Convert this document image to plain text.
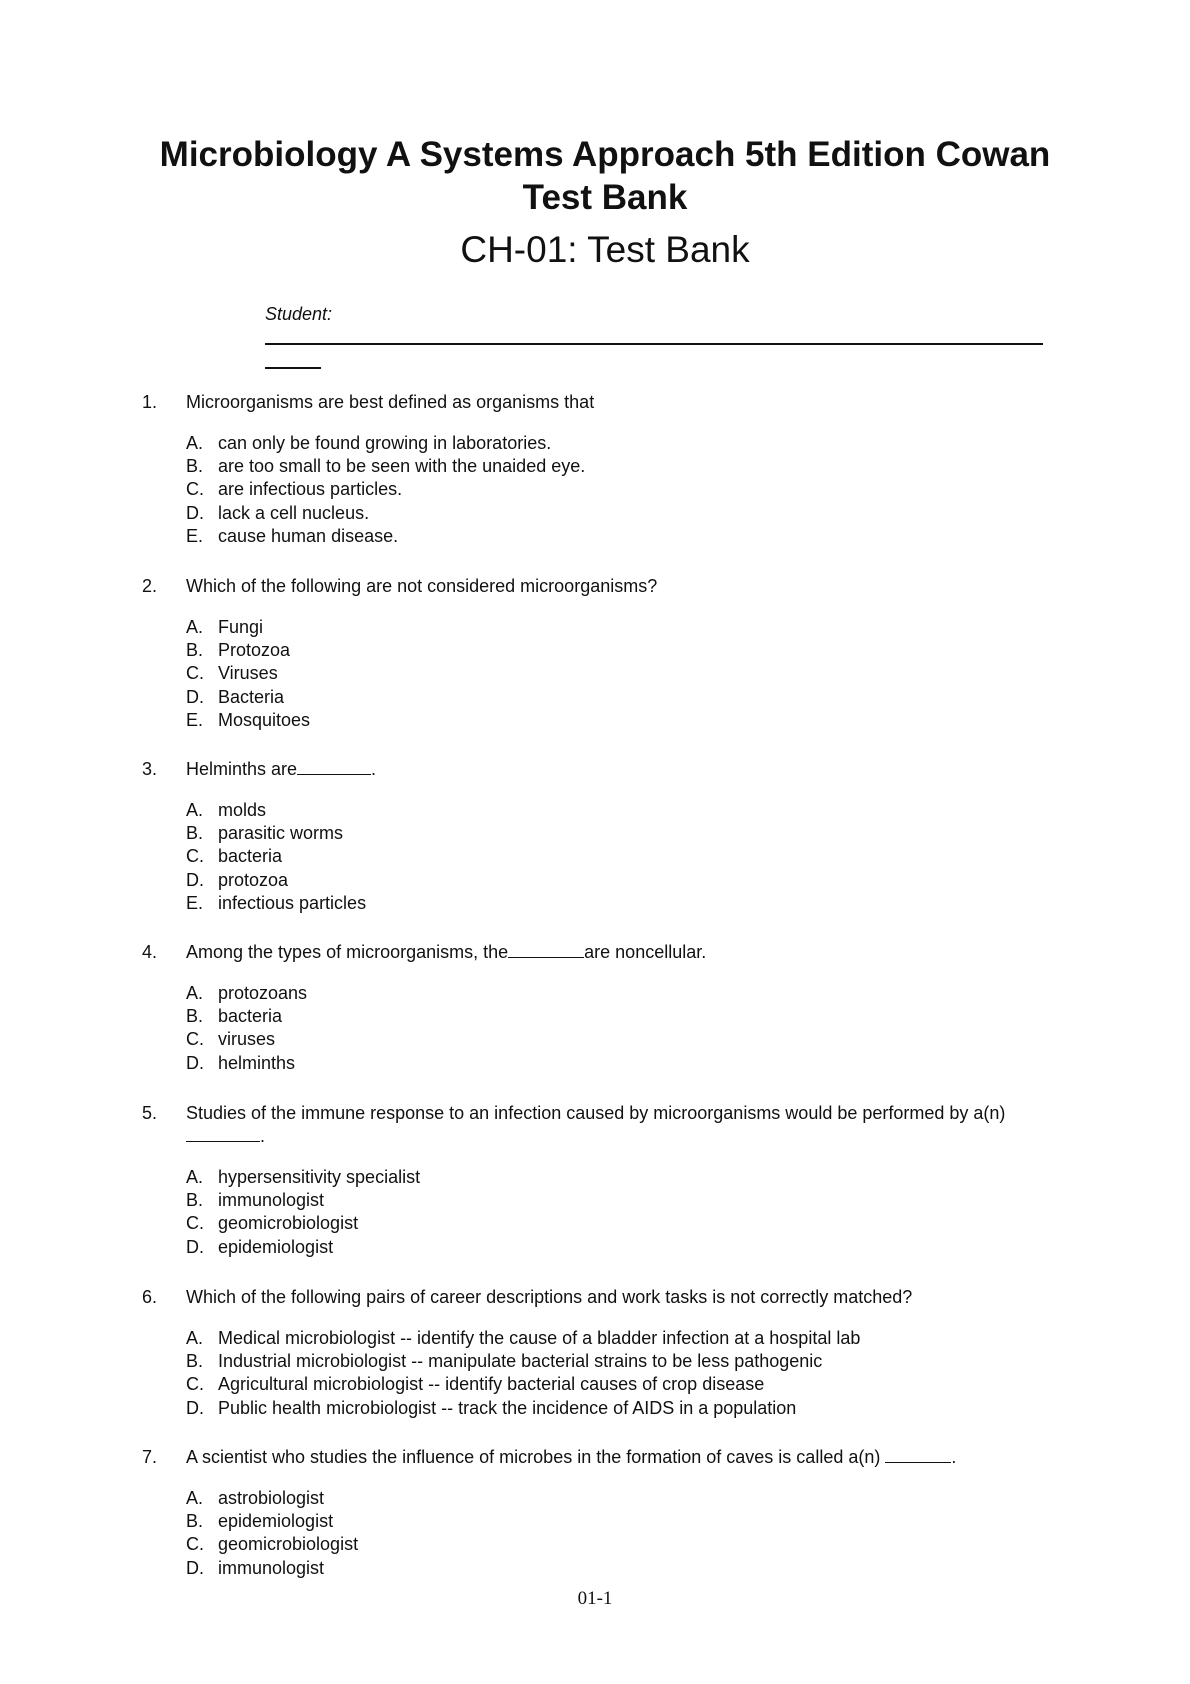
Microbiology A Systems Approach 5th Edition Cowan
Test Bank
CH-01: Test Bank
Student:
1.	Microorganisms are best defined as organisms that
A. can only be found growing in laboratories.
B. are too small to be seen with the unaided eye.
C. are infectious particles.
D. lack a cell nucleus.
E. cause human disease.
2.	Which of the following are not considered microorganisms?
A. Fungi
B. Protozoa
C. Viruses
D. Bacteria
E. Mosquitoes
3.	Helminths are	.
A. molds
B. parasitic worms
C. bacteria
D. protozoa
E. infectious particles
4.	Among the types of microorganisms, the	are noncellular.
A. protozoans
B. bacteria
C. viruses
D. helminths
5.	Studies of the immune response to an infection caused by microorganisms would be performed by a(n).
A. hypersensitivity specialist
B. immunologist
C. geomicrobiologist
D. epidemiologist
6.	Which of the following pairs of career descriptions and work tasks is not correctly matched?
A. Medical microbiologist -- identify the cause of a bladder infection at a hospital lab
B. Industrial microbiologist -- manipulate bacterial strains to be less pathogenic
C. Agricultural microbiologist -- identify bacterial causes of crop disease
D. Public health microbiologist -- track the incidence of AIDS in a population
7.	A scientist who studies the influence of microbes in the formation of caves is called a(n)	.
A. astrobiologist
B. epidemiologist
C. geomicrobiologist
D. immunologist
01-1
